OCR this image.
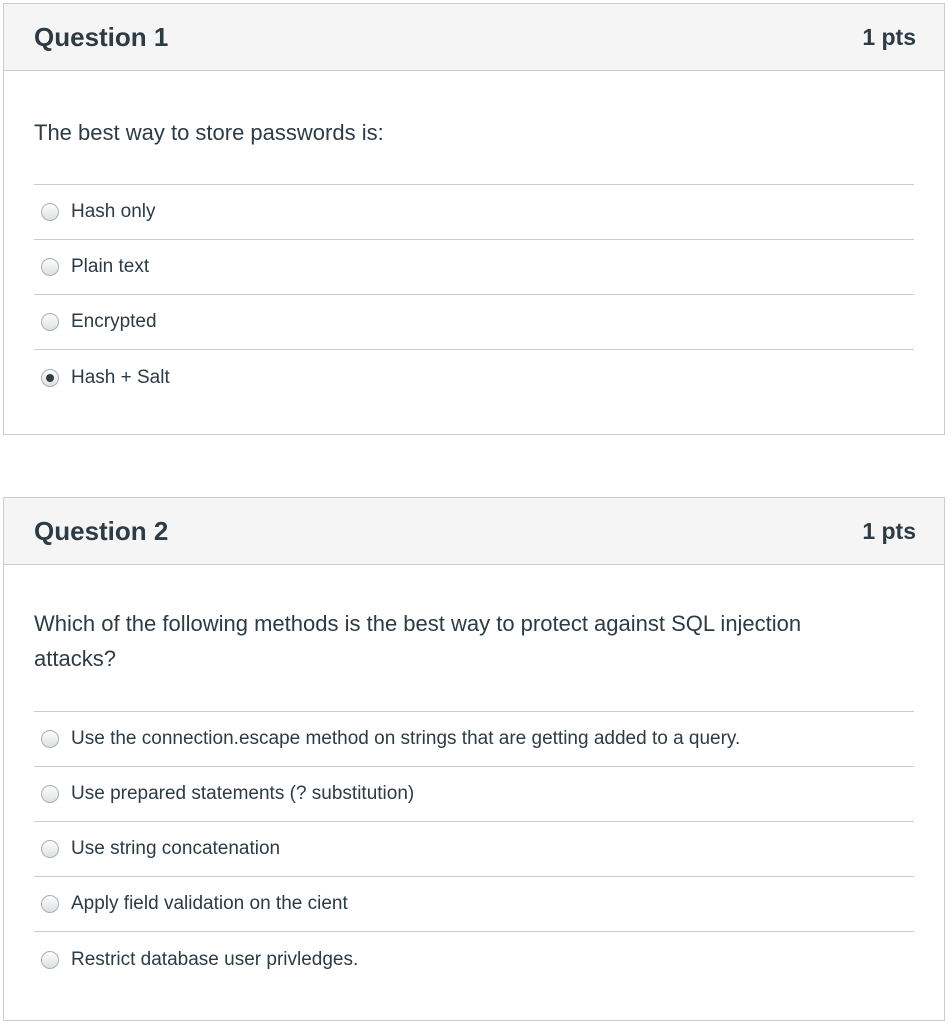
Question 1	1 pts
The best way to store passwords is:
Hash only
Plain text
Encrypted
Hash + Salt
Question 2	1 pts
Which of the following methods is the best way to protect against SQL injection attacks?
Use the connection.escape method on strings that are getting added to a query.
Use prepared statements (? substitution)
Use string concatenation
Apply field validation on the cient
Restrict database user privledges.
